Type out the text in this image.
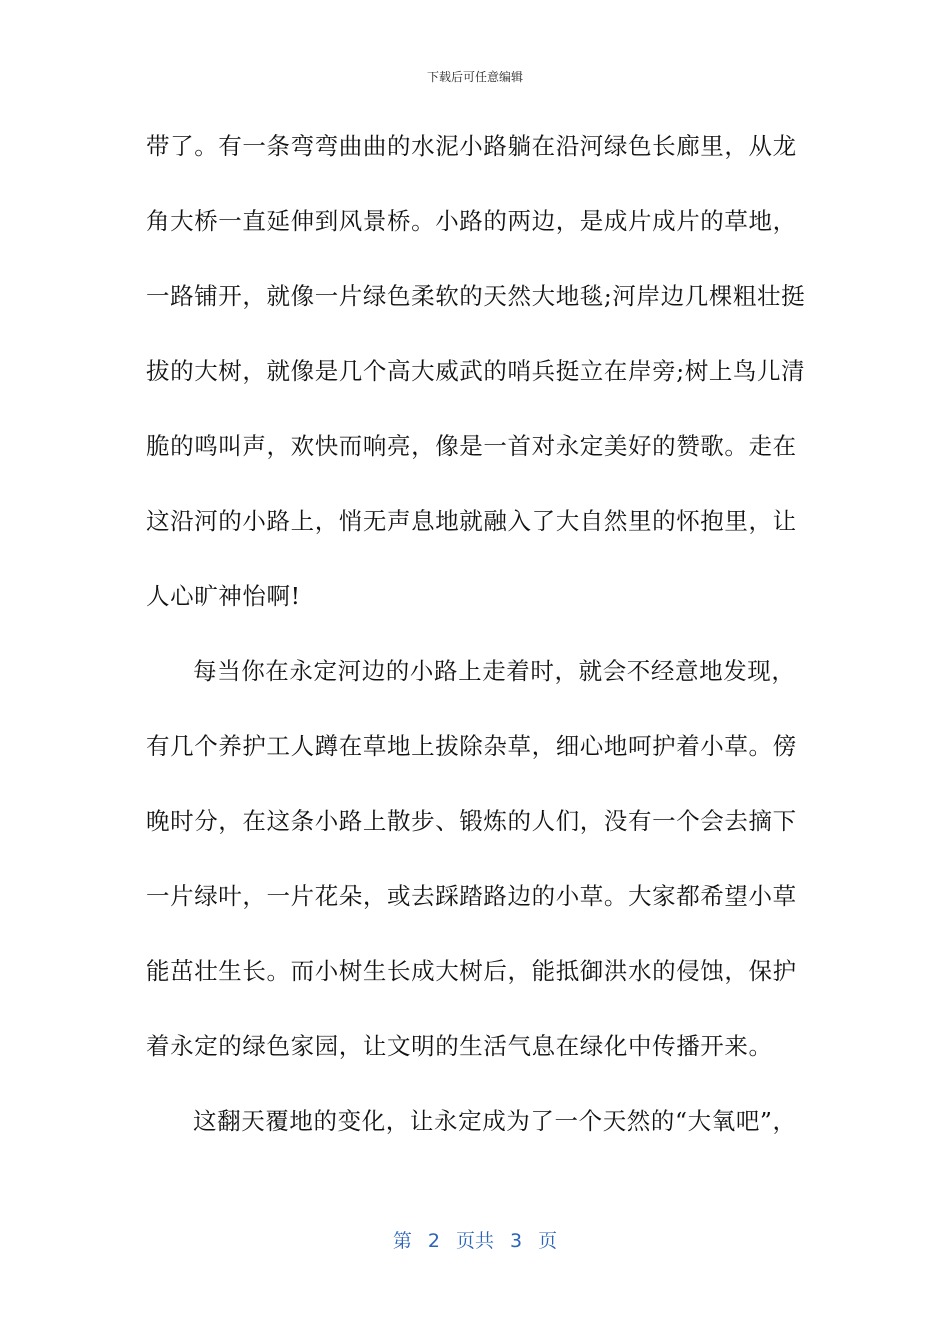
下载后可任意编辑
带了。有一条弯弯曲曲的水泥小路躺在沿河绿色长廊里，从龙
角大桥一直延伸到风景桥。小路的两边，是成片成片的草地，
一路铺开，就像一片绿色柔软的天然大地毯;河岸边几棵粗壮挺
拔的大树，就像是几个高大威武的哨兵挺立在岸旁;树上鸟儿清
脆的鸣叫声，欢快而响亮，像是一首对永定美好的赞歌。走在
这沿河的小路上，悄无声息地就融入了大自然里的怀抱里，让
人心旷神怡啊!
每当你在永定河边的小路上走着时，就会不经意地发现，
有几个养护工人蹲在草地上拔除杂草，细心地呵护着小草。傍
晚时分，在这条小路上散步、锻炼的人们，没有一个会去摘下
一片绿叶，一片花朵，或去踩踏路边的小草。大家都希望小草
能茁壮生长。而小树生长成大树后，能抵御洪水的侵蚀，保护
着永定的绿色家园，让文明的生活气息在绿化中传播开来。
这翻天覆地的变化，让永定成为了一个天然的“大氧吧”，
第 2 页共 3 页
